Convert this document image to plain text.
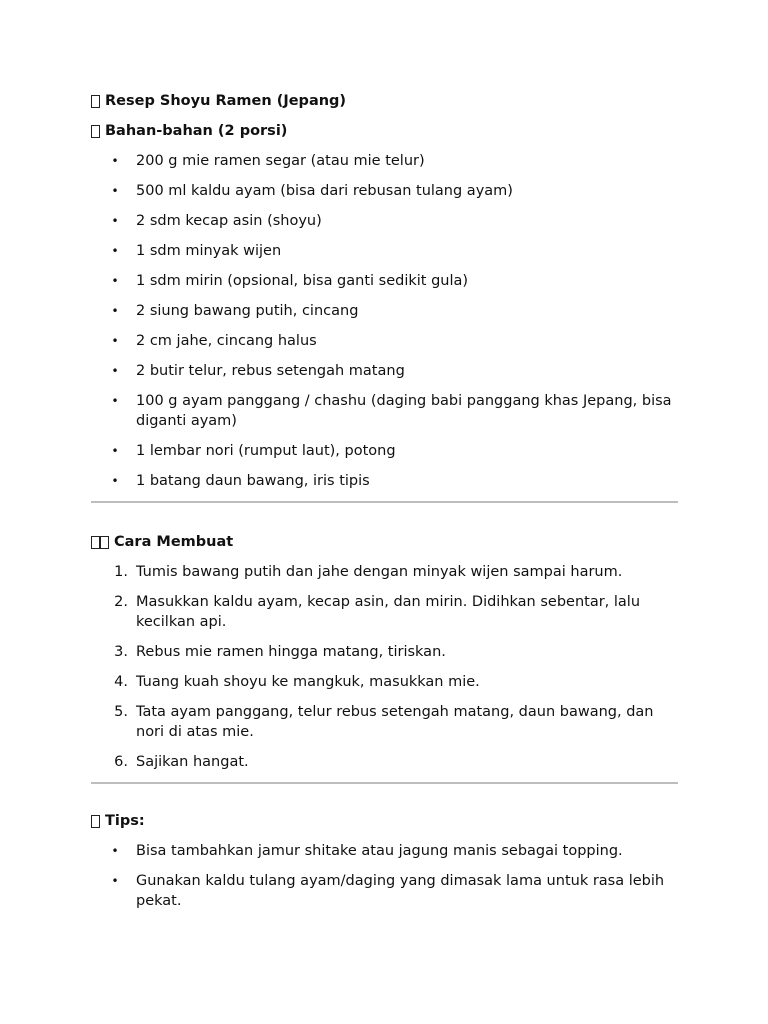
Resep Shoyu Ramen (Jepang)
Bahan-bahan (2 porsi)
• 200 g mie ramen segar (atau mie telur)
• 500 ml kaldu ayam (bisa dari rebusan tulang ayam)
• 2 sdm kecap asin (shoyu)
• 1 sdm minyak wijen
• 1 sdm mirin (opsional, bisa ganti sedikit gula)
• 2 siung bawang putih, cincang
• 2 cm jahe, cincang halus
• 2 butir telur, rebus setengah matang
• 100 g ayam panggang / chashu (daging babi panggang khas Jepang, bisa diganti ayam)
• 1 lembar nori (rumput laut), potong
• 1 batang daun bawang, iris tipis
Cara Membuat
1. Tumis bawang putih dan jahe dengan minyak wijen sampai harum.
2. Masukkan kaldu ayam, kecap asin, dan mirin. Didihkan sebentar, lalu kecilkan api.
3. Rebus mie ramen hingga matang, tiriskan.
4. Tuang kuah shoyu ke mangkuk, masukkan mie.
5. Tata ayam panggang, telur rebus setengah matang, daun bawang, dan nori di atas mie.
6. Sajikan hangat.
Tips:
• Bisa tambahkan jamur shitake atau jagung manis sebagai topping.
• Gunakan kaldu tulang ayam/daging yang dimasak lama untuk rasa lebih pekat.
